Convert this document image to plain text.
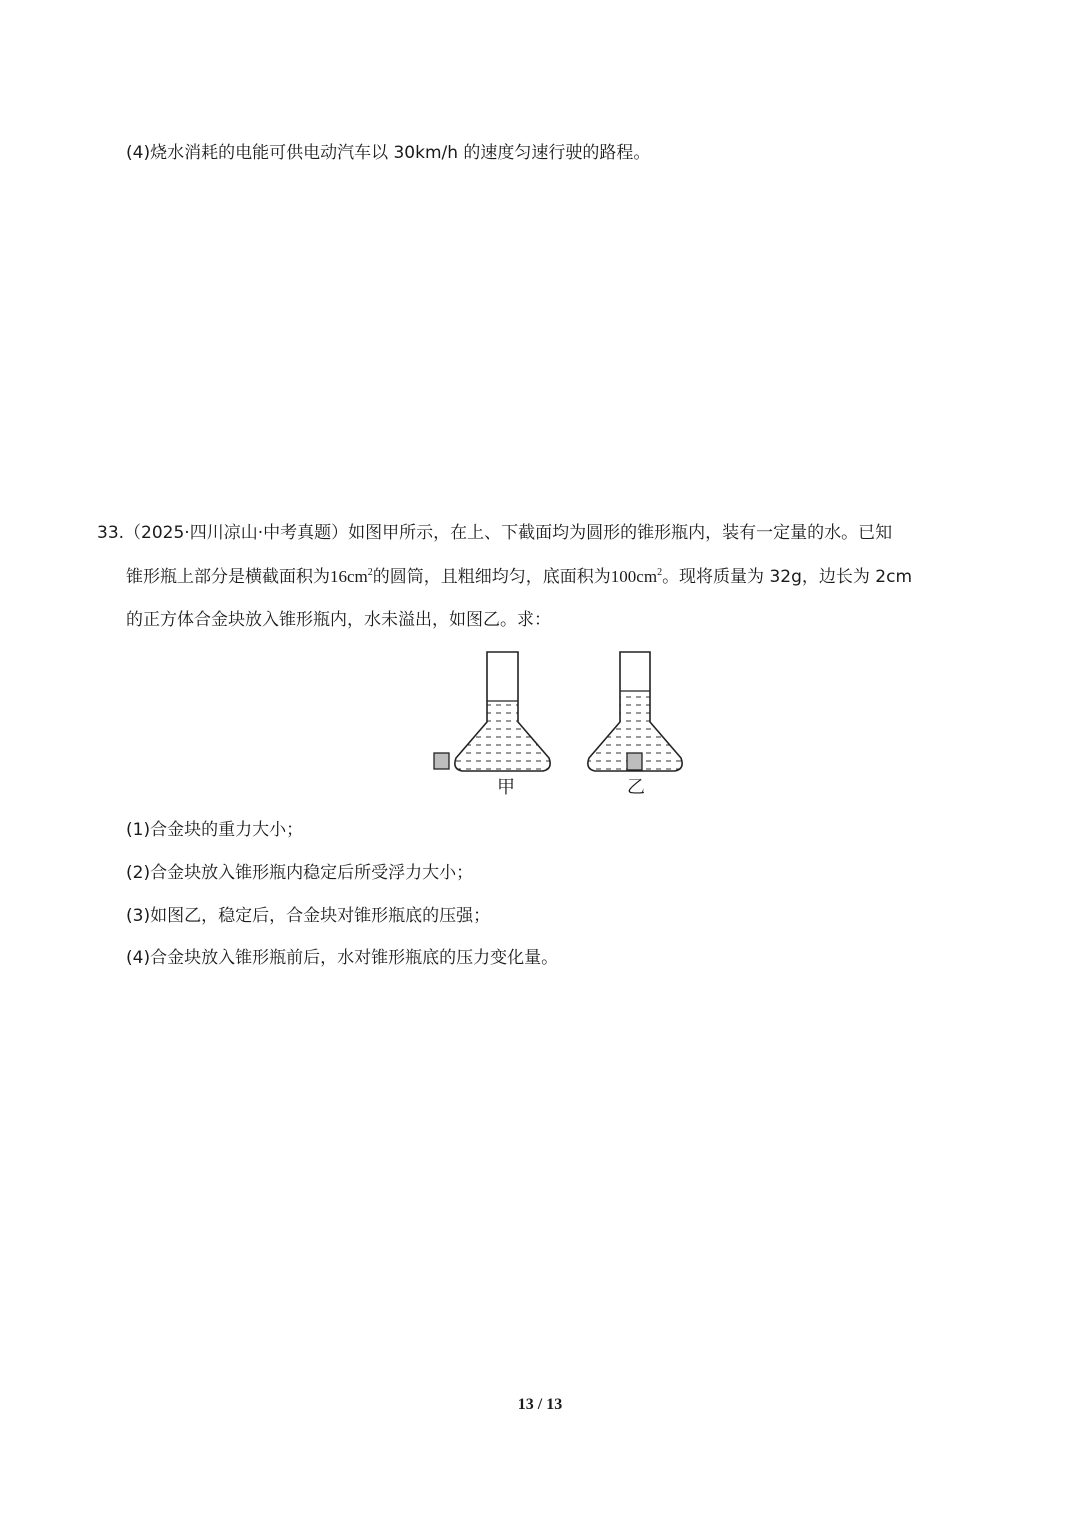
(4)烧水消耗的电能可供电动汽车以 30km/h 的速度匀速行驶的路程。
33.（2025·四川凉山·中考真题）如图甲所示，在上、下截面均为圆形的锥形瓶内，装有一定量的水。已知
锥形瓶上部分是横截面积为$16cm^2$的圆筒，且粗细均匀，底面积为$100cm^2$。现将质量为 32g，边长为 2cm
的正方体合金块放入锥形瓶内，水未溢出，如图乙。求：
甲	乙
(1)合金块的重力大小；
(2)合金块放入锥形瓶内稳定后所受浮力大小；
(3)如图乙，稳定后，合金块对锥形瓶底的压强；
(4)合金块放入锥形瓶前后，水对锥形瓶底的压力变化量。
13 / 13
